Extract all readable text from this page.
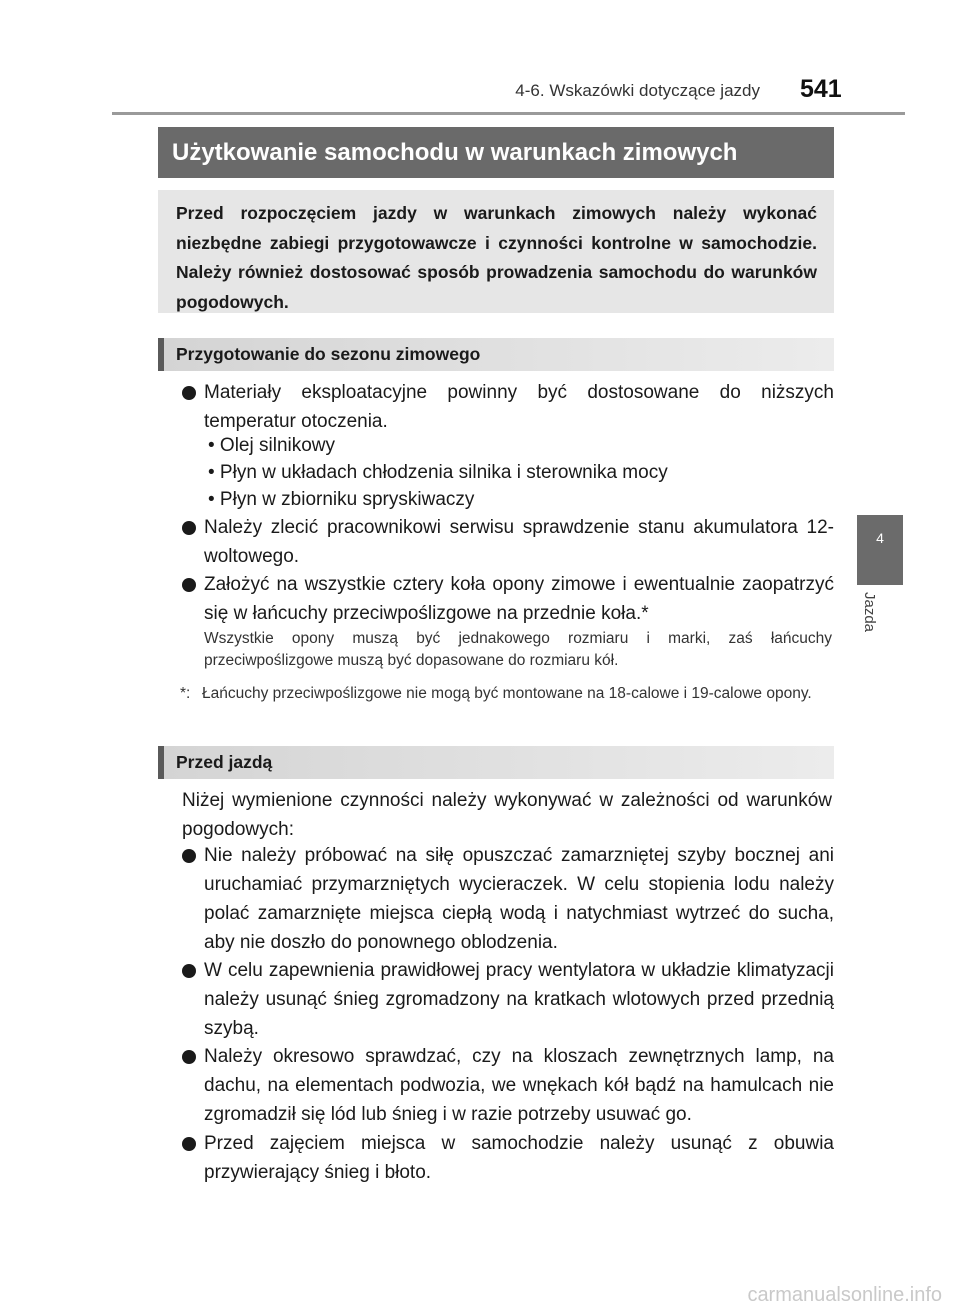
4-6. Wskazówki dotyczące jazdy 541
4
Jazda
Użytkowanie samochodu w warunkach zimowych

Przed rozpoczęciem jazdy w warunkach zimowych należy wykonać niezbędne zabiegi przygotowawcze i czynności kontrolne w samochodzie. Należy również dostosować sposób prowadzenia samochodu do warunków pogodowych.

Przygotowanie do sezonu zimowego
Materiały eksploatacyjne powinny być dostosowane do niższych temperatur otoczenia.
• Olej silnikowy
• Płyn w układach chłodzenia silnika i sterownika mocy
• Płyn w zbiorniku spryskiwaczy
Należy zlecić pracownikowi serwisu sprawdzenie stanu akumulatora 12-woltowego.
Założyć na wszystkie cztery koła opony zimowe i ewentualnie zaopatrzyć się w łańcuchy przeciwpoślizgowe na przednie koła.*
Wszystkie opony muszą być jednakowego rozmiaru i marki, zaś łańcuchy przeciwpoślizgowe muszą być dopasowane do rozmiaru kół.
*: Łańcuchy przeciwpoślizgowe nie mogą być montowane na 18-calowe i 19-calowe opony.
Przed jazdą
Niżej wymienione czynności należy wykonywać w zależności od warunków pogodowych:
Nie należy próbować na siłę opuszczać zamarzniętej szyby bocznej ani uruchamiać przymarzniętych wycieraczek. W celu stopienia lodu należy polać zamarznięte miejsca ciepłą wodą i natychmiast wytrzeć do sucha, aby nie doszło do ponownego oblodzenia.
W celu zapewnienia prawidłowej pracy wentylatora w układzie klimatyzacji należy usunąć śnieg zgromadzony na kratkach wlotowych przed przednią szybą.
Należy okresowo sprawdzać, czy na kloszach zewnętrznych lamp, na dachu, na elementach podwozia, we wnękach kół bądź na hamulcach nie zgromadził się lód lub śnieg i w razie potrzeby usuwać go.
Przed zajęciem miejsca w samochodzie należy usunąć z obuwia przywierający śnieg i błoto.
carmanualsonline.info
